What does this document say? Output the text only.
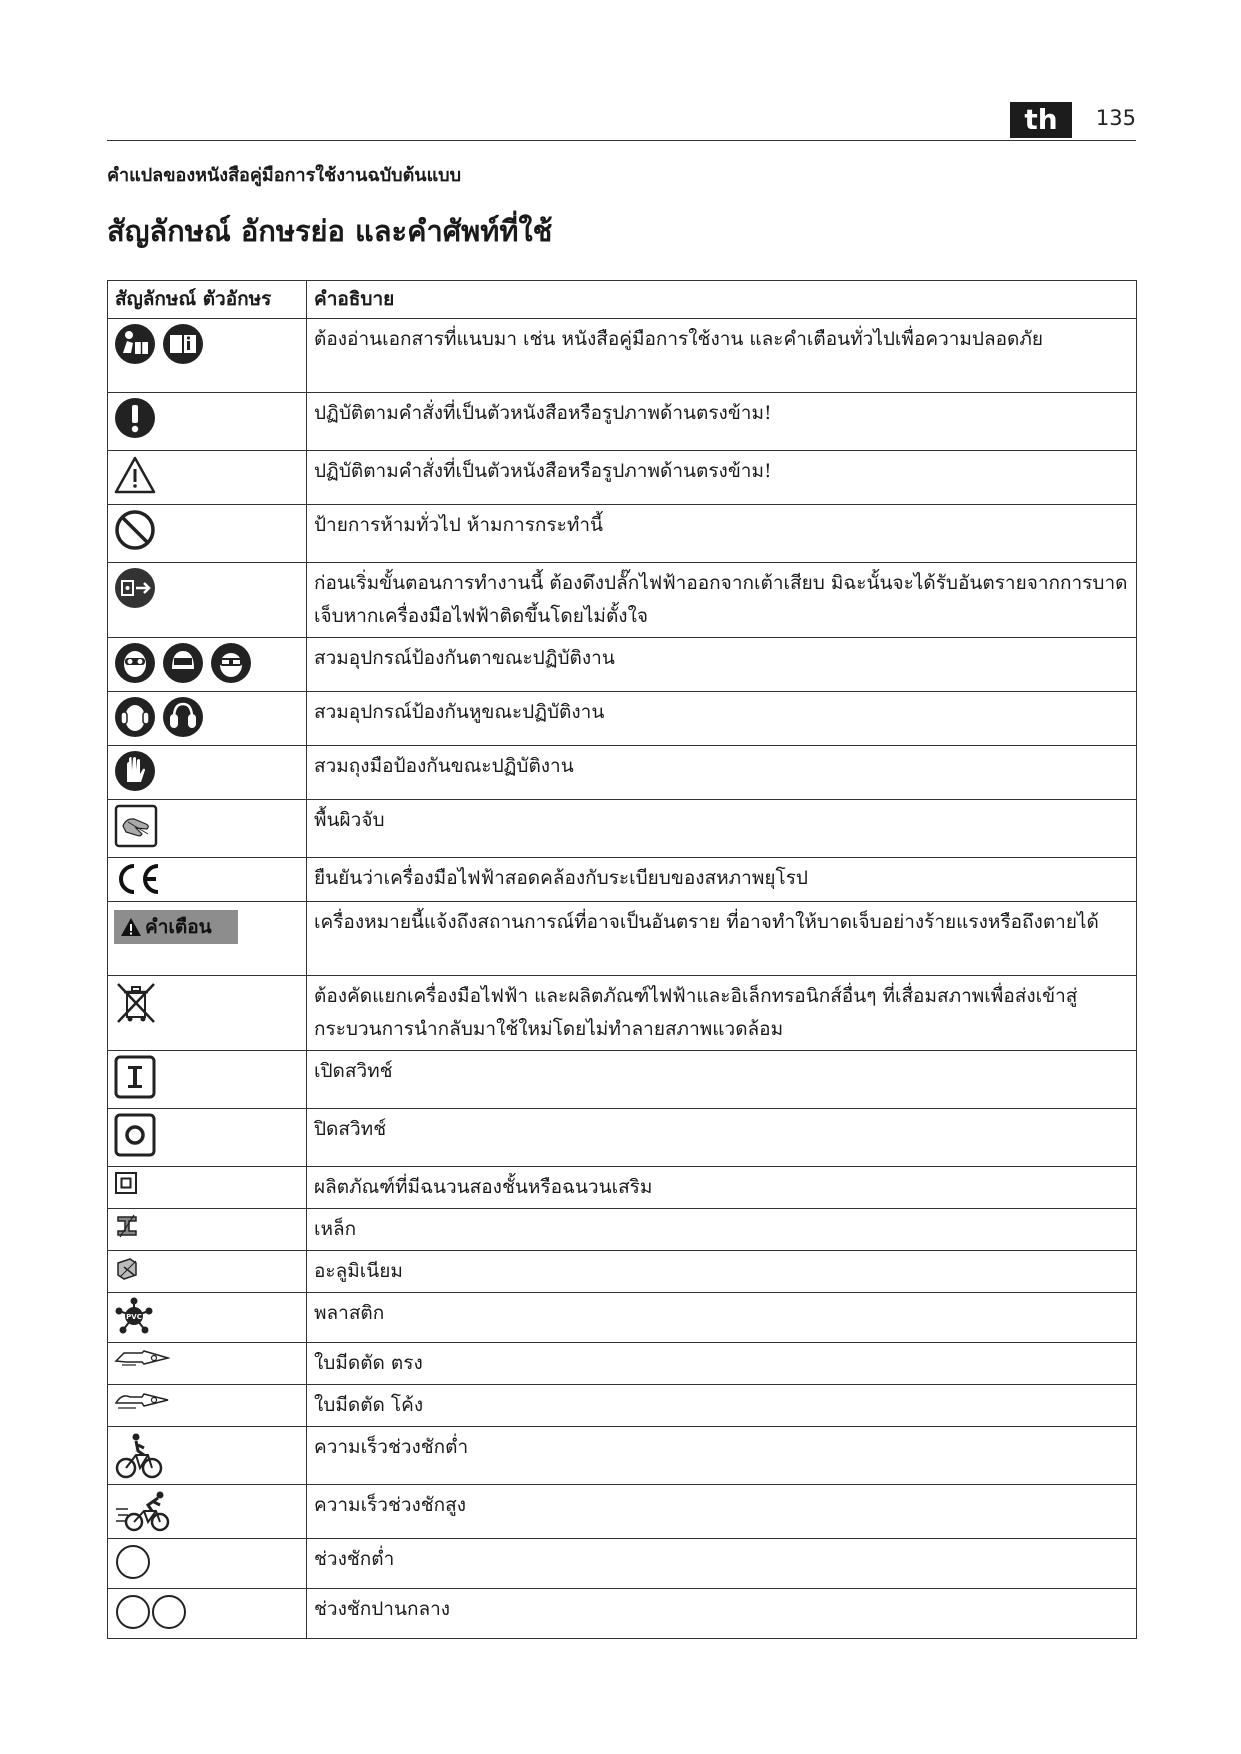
th	135
คำแปลของหนังสือคู่มือการใช้งานฉบับต้นแบบ
สัญลักษณ์ อักษรย่อ และคำศัพท์ที่ใช้
สัญลักษณ์ ตัวอักษร	คำอธิบาย

	ต้องอ่านเอกสารที่แนบมา เช่น หนังสือคู่มือการใช้งาน และคำเตือนทั่วไปเพื่อความปลอดภัย

	ปฏิบัติตามคำสั่งที่เป็นตัวหนังสือหรือรูปภาพด้านตรงข้าม!

	ปฏิบัติตามคำสั่งที่เป็นตัวหนังสือหรือรูปภาพด้านตรงข้าม!

	ป้ายการห้ามทั่วไป ห้ามการกระทำนี้

	ก่อนเริ่มขั้นตอนการทำงานนี้ ต้องดึงปลั๊กไฟฟ้าออกจากเต้าเสียบ มิฉะนั้นจะได้รับอันตรายจากการบาดเจ็บหากเครื่องมือไฟฟ้าติดขึ้นโดยไม่ตั้งใจ

	สวมอุปกรณ์ป้องกันตาขณะปฏิบัติงาน

	สวมอุปกรณ์ป้องกันหูขณะปฏิบัติงาน

	สวมถุงมือป้องกันขณะปฏิบัติงาน

	พื้นผิวจับ

	ยืนยันว่าเครื่องมือไฟฟ้าสอดคล้องกับระเบียบของสหภาพยุโรป

คำเตือน	เครื่องหมายนี้แจ้งถึงสถานการณ์ที่อาจเป็นอันตราย ที่อาจทำให้บาดเจ็บอย่างร้ายแรงหรือถึงตายได้

	ต้องคัดแยกเครื่องมือไฟฟ้า และผลิตภัณฑ์ไฟฟ้าและอิเล็กทรอนิกส์อื่นๆ ที่เสื่อมสภาพเพื่อส่งเข้าสู่กระบวนการนำกลับมาใช้ใหม่โดยไม่ทำลายสภาพแวดล้อม

	เปิดสวิทช์

	ปิดสวิทช์

	ผลิตภัณฑ์ที่มีฉนวนสองชั้นหรือฉนวนเสริม

	เหล็ก

	อะลูมิเนียม

PVC	พลาสติก

	ใบมีดตัด ตรง

	ใบมีดตัด โค้ง

	ความเร็วช่วงชักต่ำ

	ความเร็วช่วงชักสูง

	ช่วงชักต่ำ

	ช่วงชักปานกลาง
